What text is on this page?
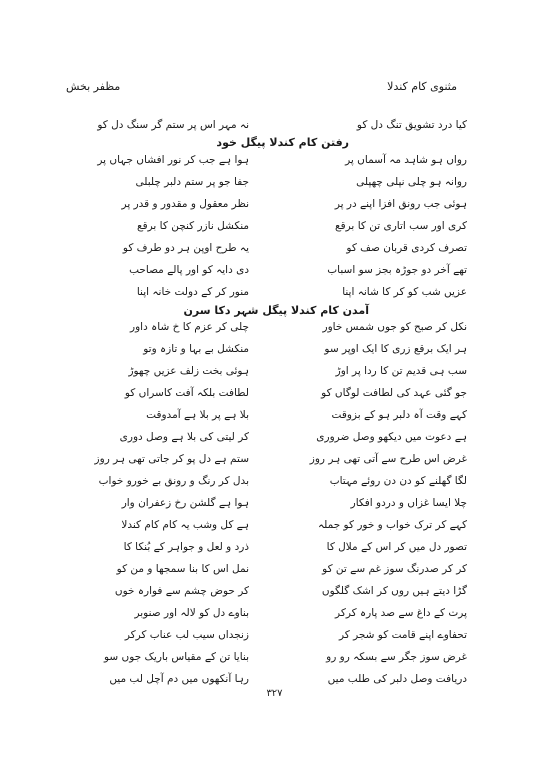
مثنوی کام کندلا
مظفر بخش
کیا درد تشویق تنگ دل کو
نہ مہر اس پر ستم گر سنگ دل کو
رواں ہو شاہد مہ آسماں پر
ہوا ہے جب کر نور افشاں جہاں پر
روانہ ہو چلی نپلی چھپلی
جفا جو پر ستم دلبر چلبلی
ہوئی جب رونق افزا اپنے در پر
نظر معقول و مقدور و قدر پر
کری اور سب اتاری تن کا برقع
منکشل نازر کنچن کا برقع
تصرف کردی قربان صف کو
یہ طرح اوپن ہر دو طرف کو
تھے آخر دو جوڑہ بجز سو اسباب
دی دایہ کو اور پالے مصاحب
عزیں شب کو کر کا شانہ اپنا
منور کر کے دولت خانہ اپنا
نکل کر صبح کو جوں شمس خاور
چلی کر عزم کا خ شاہ داور
ہر ایک برقع زری کا ایک اوپر سو
منکشل بے بہا و تازہ وتو
سب ہی قدیم تن کا ردا پر اوڑ
ہوئی بخت زلف عزیں چھوڑ
جو گئی عہد کی لطافت لوگاں کو
لطافت بلکہ آفت کاسراں کو
کہے وقت آہ دلبر ہو کے بزوقت
بلا ہے پر بلا ہے آمدوقت
ہے دعوت میں دیکھو وصل ضروری
کر لیتی کی بلا ہے وصل دوری
غرض اس طرح سے آتی تھی ہر روز
ستم ہے دل پو کر جاتی تھی ہر روز
لگا گھلنے کو دن دن روئے مہتاب
بدل کر رنگ و رونق بے خورو خواب
چلا ایسا غزاں و دردو افکار
ہوا ہے گلشن رخ زعفران وار
کہے کر ترک خواب و خور کو جملہ
ہے کل وشب یہ کام کام کندلا
تصور دل میں کر اس کے ملال کا
ذرد و لعل و جواہر کے بُنکا کا
کر کر صدرنگ سوز غم سے تن کو
نمل اس کا بنا سمجھا و من کو
گڑا دیتے ہیں روں کر اشک گلگوں
کر حوض چشم سے فوارہ خوں
پرت کے داغ سے صد پارہ کرکر
بناوے دل کو لالہ اور صنوبر
تحفاوے اپنے قامت کو شجر کر
زنجداں سیب لب عناب کرکر
غرض سوز جگر سے بسکہ رو رو
بنایا تن کے مقیاس باریک جوں سو
دریافت وصل دلبر کی طلب میں
رہا آنکھوں میں دم آچل لب میں
رفتن کام کندلا پیگل خود
آمدن کام کندلا پیگل شہر دکا سرن
۳۲۷
